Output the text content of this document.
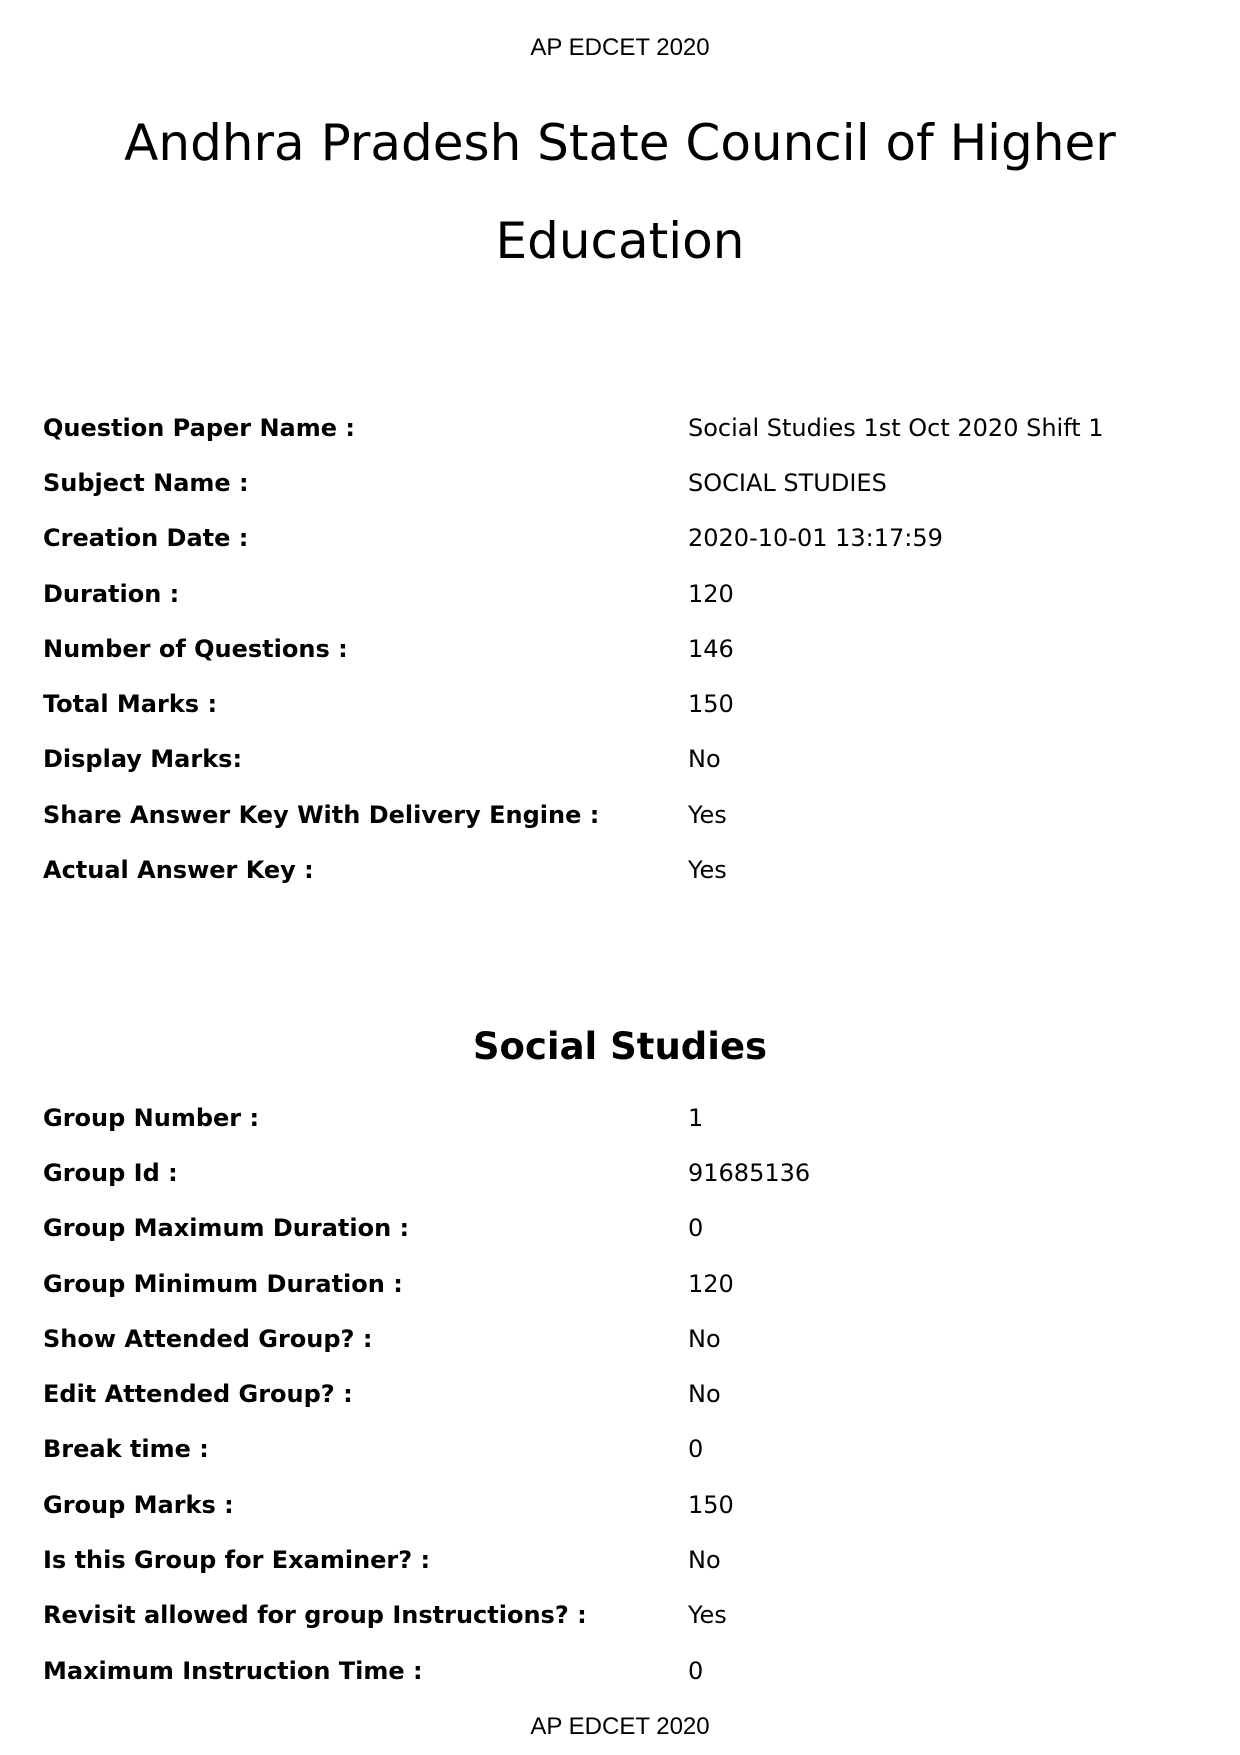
AP EDCET 2020
Andhra Pradesh State Council of Higher
Education
Question Paper Name :	Social Studies 1st Oct 2020 Shift 1
Subject Name :	SOCIAL STUDIES
Creation Date :	2020-10-01 13:17:59
Duration :	120
Number of Questions :	146
Total Marks :	150
Display Marks:	No
Share Answer Key With Delivery Engine :	Yes
Actual Answer Key :	Yes
Social Studies
Group Number :	1
Group Id :	91685136
Group Maximum Duration :	0
Group Minimum Duration :	120
Show Attended Group? :	No
Edit Attended Group? :	No
Break time :	0
Group Marks :	150
Is this Group for Examiner? :	No
Revisit allowed for group Instructions? :	Yes
Maximum Instruction Time :	0
AP EDCET 2020
